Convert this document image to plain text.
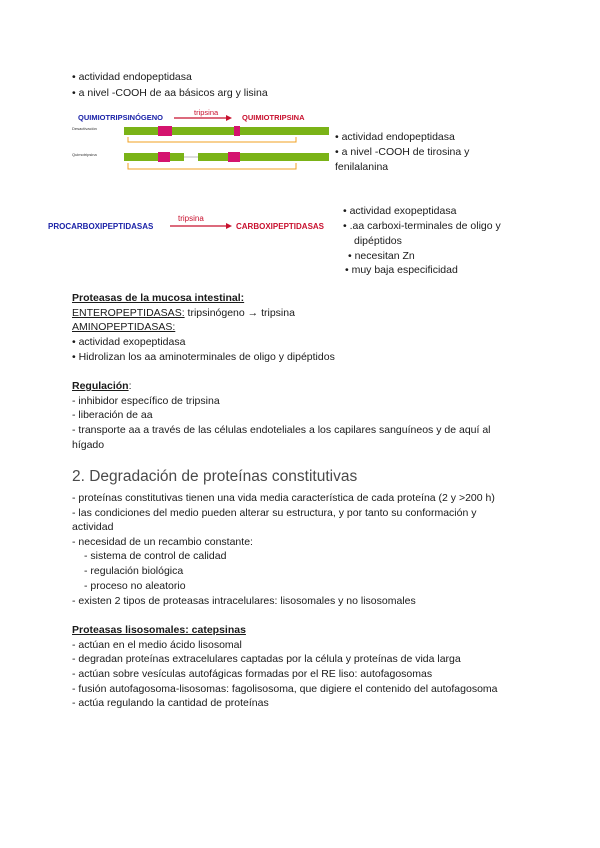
• actividad endopeptidasa
• a nivel -COOH de aa básicos arg y lisina
QUIMIOTRIPSINÓGENO
tripsina
QUIMIOTRIPSINA
Desactivación
Quimotripsina
• actividad endopeptidasa
• a nivel -COOH de tirosina y
fenilalanina
PROCARBOXIPEPTIDASAS
tripsina
CARBOXIPEPTIDASAS
• actividad exopeptidasa
• .aa carboxi-terminales de oligo y
dipéptidos
• necesitan Zn
• muy baja especificidad
Proteasas de la mucosa intestinal:
ENTEROPEPTIDASAS: tripsinógeno → tripsina
AMINOPEPTIDASAS:
• actividad exopeptidasa
• Hidrolizan los aa aminoterminales de oligo y dipéptidos
Regulación:
- inhibidor específico de tripsina
- liberación de aa
- transporte aa a través de las células endoteliales a los capilares sanguíneos y de aquí al
hígado
2. Degradación de proteínas constitutivas
- proteínas constitutivas tienen una vida media característica de cada proteína (2 y >200 h)
- las condiciones del medio pueden alterar su estructura, y por tanto su conformación y
actividad
- necesidad de un recambio constante:
- sistema de control de calidad
- regulación biológica
- proceso no aleatorio
- existen 2 tipos de proteasas intracelulares: lisosomales y no lisosomales
Proteasas lisosomales: catepsinas
- actúan en el medio ácido lisosomal
- degradan proteínas extracelulares captadas por la célula y proteínas de vida larga
- actúan sobre vesículas autofágicas formadas por el RE liso: autofagosomas
- fusión autofagosoma-lisosomas: fagolisosoma, que digiere el contenido del autofagosoma
- actúa regulando la cantidad de proteínas
